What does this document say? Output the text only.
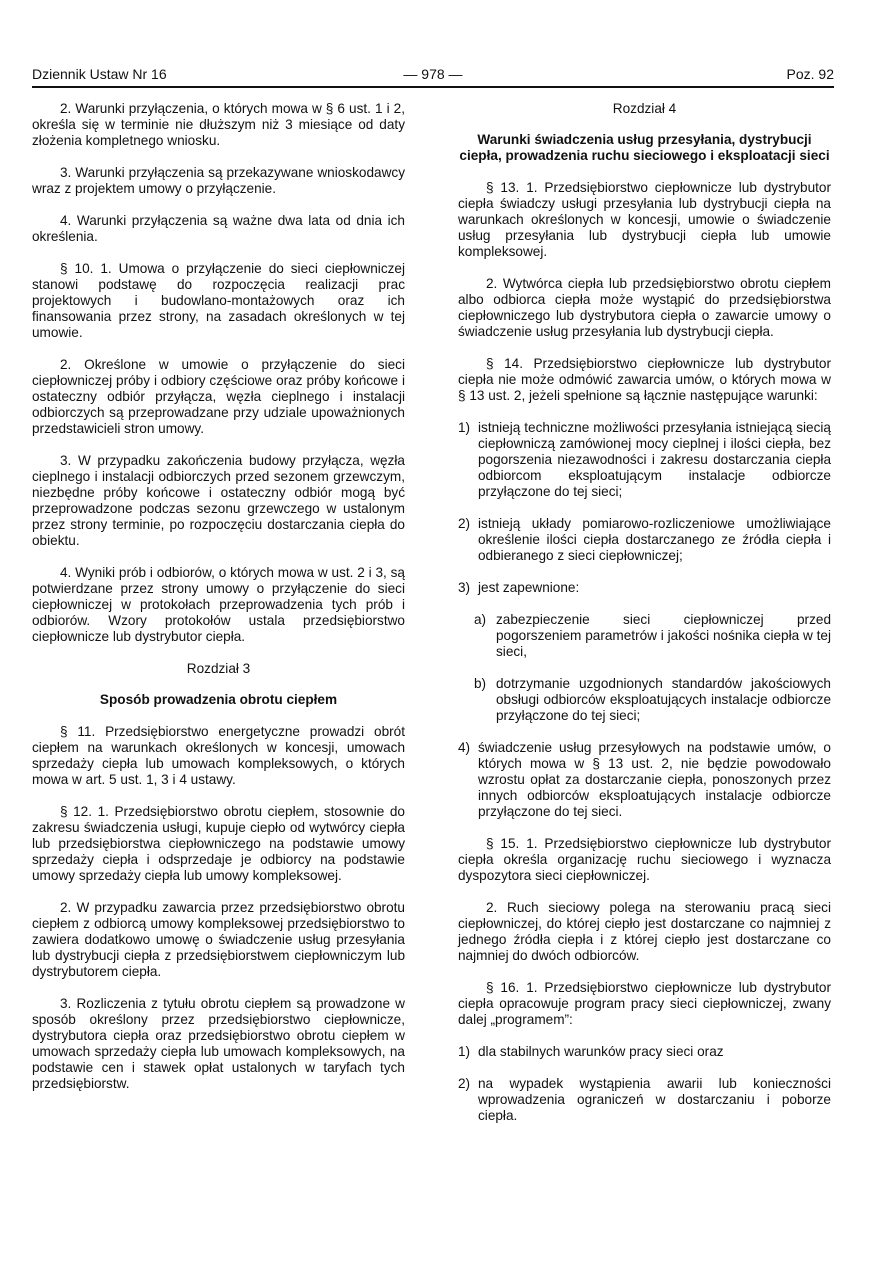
Dziennik Ustaw Nr 16	— 978 —	Poz. 92

2. Warunki przyłączenia, o których mowa w § 6 ust. 1 i 2, określa się w terminie nie dłuższym niż 3 miesiące od daty złożenia kompletnego wniosku.

3. Warunki przyłączenia są przekazywane wnioskodawcy wraz z projektem umowy o przyłączenie.

4. Warunki przyłączenia są ważne dwa lata od dnia ich określenia.

§ 10. 1. Umowa o przyłączenie do sieci ciepłowniczej stanowi podstawę do rozpoczęcia realizacji prac projektowych i budowlano-montażowych oraz ich finansowania przez strony, na zasadach określonych w tej umowie.

2. Określone w umowie o przyłączenie do sieci ciepłowniczej próby i odbiory częściowe oraz próby końcowe i ostateczny odbiór przyłącza, węzła cieplnego i instalacji odbiorczych są przeprowadzane przy udziale upoważnionych przedstawicieli stron umowy.

3. W przypadku zakończenia budowy przyłącza, węzła cieplnego i instalacji odbiorczych przed sezonem grzewczym, niezbędne próby końcowe i ostateczny odbiór mogą być przeprowadzone podczas sezonu grzewczego w ustalonym przez strony terminie, po rozpoczęciu dostarczania ciepła do obiektu.

4. Wyniki prób i odbiorów, o których mowa w ust. 2 i 3, są potwierdzane przez strony umowy o przyłączenie do sieci ciepłowniczej w protokołach przeprowadzenia tych prób i odbiorów. Wzory protokołów ustala przedsiębiorstwo ciepłownicze lub dystrybutor ciepła.

Rozdział 3
Sposób prowadzenia obrotu ciepłem

§ 11. Przedsiębiorstwo energetyczne prowadzi obrót ciepłem na warunkach określonych w koncesji, umowach sprzedaży ciepła lub umowach kompleksowych, o których mowa w art. 5 ust. 1, 3 i 4 ustawy.

§ 12. 1. Przedsiębiorstwo obrotu ciepłem, stosownie do zakresu świadczenia usługi, kupuje ciepło od wytwórcy ciepła lub przedsiębiorstwa ciepłowniczego na podstawie umowy sprzedaży ciepła i odsprzedaje je odbiorcy na podstawie umowy sprzedaży ciepła lub umowy kompleksowej.

2. W przypadku zawarcia przez przedsiębiorstwo obrotu ciepłem z odbiorcą umowy kompleksowej przedsiębiorstwo to zawiera dodatkowo umowę o świadczenie usług przesyłania lub dystrybucji ciepła z przedsiębiorstwem ciepłowniczym lub dystrybutorem ciepła.

3. Rozliczenia z tytułu obrotu ciepłem są prowadzone w sposób określony przez przedsiębiorstwo ciepłownicze, dystrybutora ciepła oraz przedsiębiorstwo obrotu ciepłem w umowach sprzedaży ciepła lub umowach kompleksowych, na podstawie cen i stawek opłat ustalonych w taryfach tych przedsiębiorstw.

Rozdział 4
Warunki świadczenia usług przesyłania, dystrybucji ciepła, prowadzenia ruchu sieciowego i eksploatacji sieci

§ 13. 1. Przedsiębiorstwo ciepłownicze lub dystrybutor ciepła świadczy usługi przesyłania lub dystrybucji ciepła na warunkach określonych w koncesji, umowie o świadczenie usług przesyłania lub dystrybucji ciepła lub umowie kompleksowej.

2. Wytwórca ciepła lub przedsiębiorstwo obrotu ciepłem albo odbiorca ciepła może wystąpić do przedsiębiorstwa ciepłowniczego lub dystrybutora ciepła o zawarcie umowy o świadczenie usług przesyłania lub dystrybucji ciepła.

§ 14. Przedsiębiorstwo ciepłownicze lub dystrybutor ciepła nie może odmówić zawarcia umów, o których mowa w § 13 ust. 2, jeżeli spełnione są łącznie następujące warunki:

1) istnieją techniczne możliwości przesyłania istniejącą siecią ciepłowniczą zamówionej mocy cieplnej i ilości ciepła, bez pogorszenia niezawodności i zakresu dostarczania ciepła odbiorcom eksploatującym instalacje odbiorcze przyłączone do tej sieci;
2) istnieją układy pomiarowo-rozliczeniowe umożliwiające określenie ilości ciepła dostarczanego ze źródła ciepła i odbieranego z sieci ciepłowniczej;
3) jest zapewnione:
a) zabezpieczenie sieci ciepłowniczej przed pogorszeniem parametrów i jakości nośnika ciepła w tej sieci,
b) dotrzymanie uzgodnionych standardów jakościowych obsługi odbiorców eksploatujących instalacje odbiorcze przyłączone do tej sieci;
4) świadczenie usług przesyłowych na podstawie umów, o których mowa w § 13 ust. 2, nie będzie powodowało wzrostu opłat za dostarczanie ciepła, ponoszonych przez innych odbiorców eksploatujących instalacje odbiorcze przyłączone do tej sieci.

§ 15. 1. Przedsiębiorstwo ciepłownicze lub dystrybutor ciepła określa organizację ruchu sieciowego i wyznacza dyspozytora sieci ciepłowniczej.

2. Ruch sieciowy polega na sterowaniu pracą sieci ciepłowniczej, do której ciepło jest dostarczane co najmniej z jednego źródła ciepła i z której ciepło jest dostarczane co najmniej do dwóch odbiorców.

§ 16. 1. Przedsiębiorstwo ciepłownicze lub dystrybutor ciepła opracowuje program pracy sieci ciepłowniczej, zwany dalej „programem”:

1) dla stabilnych warunków pracy sieci oraz
2) na wypadek wystąpienia awarii lub konieczności wprowadzenia ograniczeń w dostarczaniu i poborze ciepła.
